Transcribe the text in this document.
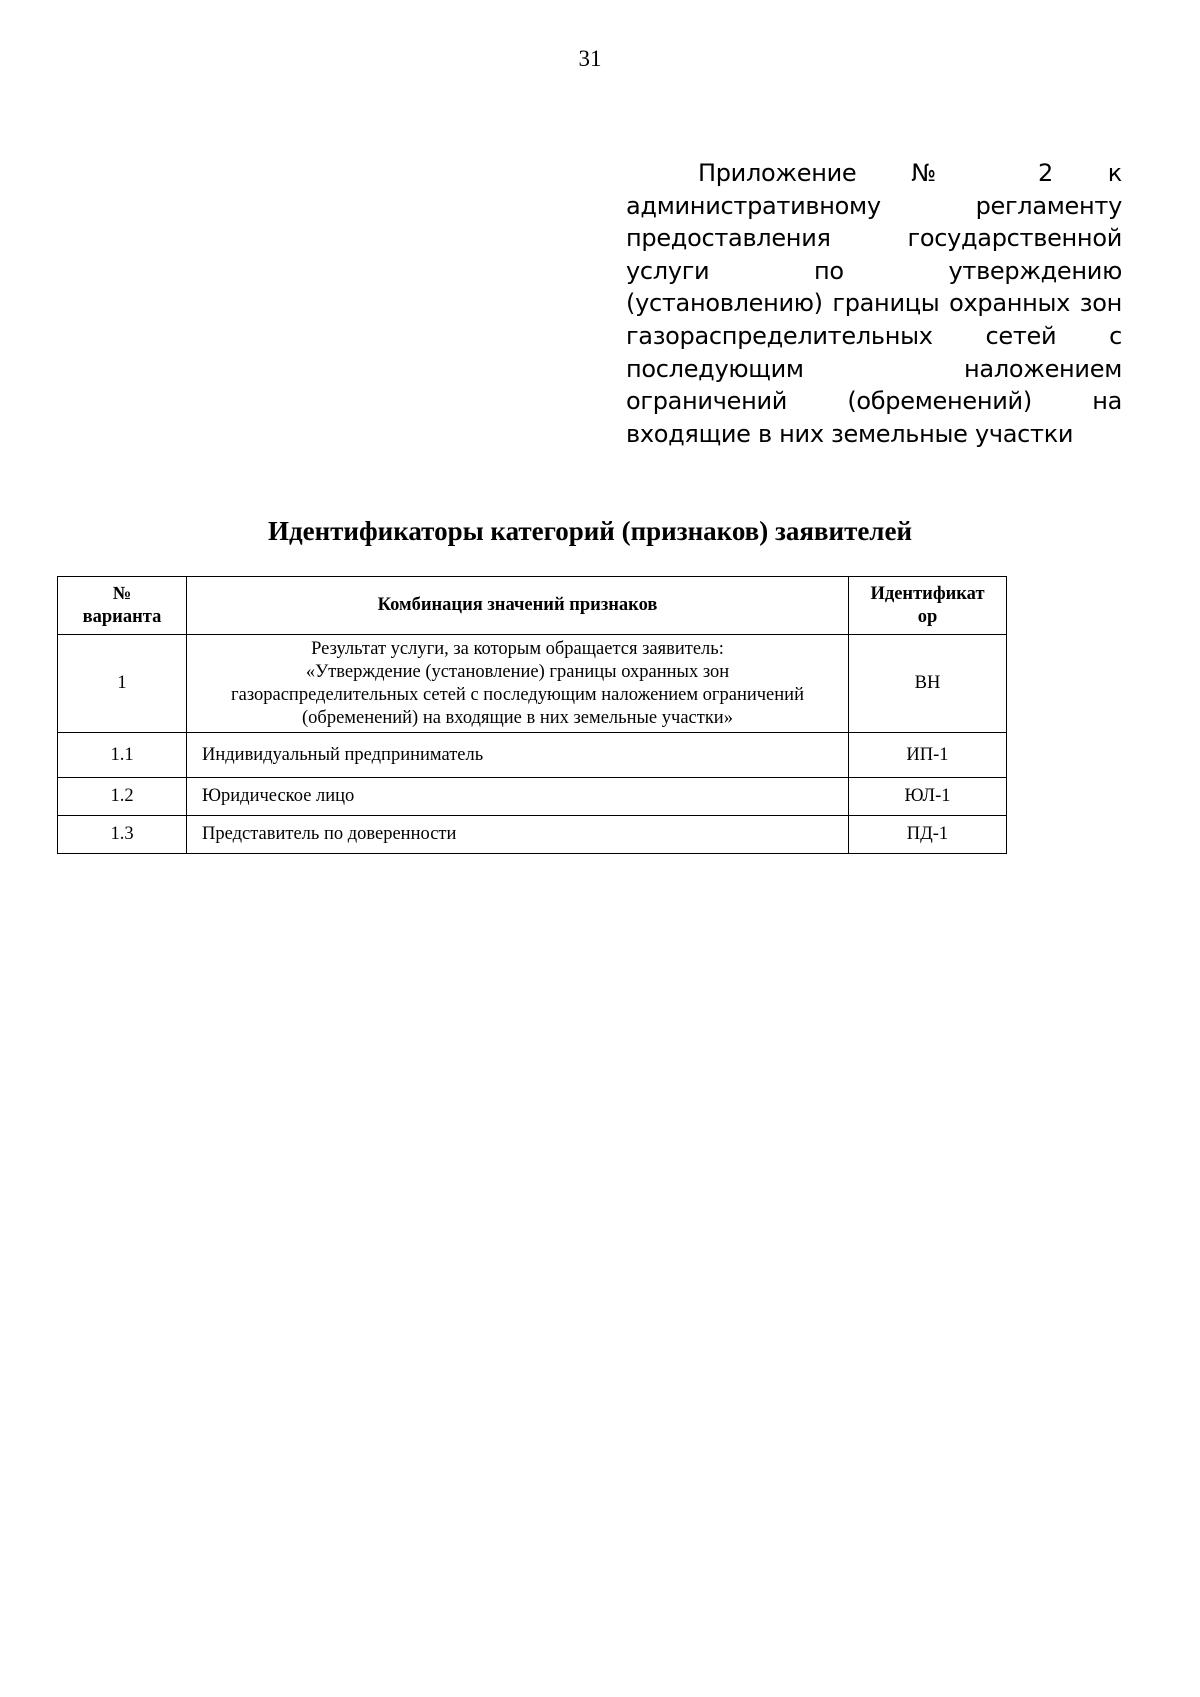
31
Приложение № 2 к административному регламенту предоставления государственной услуги по утверждению (установлению) границы охранных зон газораспределительных сетей с последующим наложением ограничений (обременений) на входящие в них земельные участки
Идентификаторы категорий (признаков) заявителей
№
варианта	Комбинация значений признаков	Идентификат
ор

1	Результат услуги, за которым обращается заявитель:
«Утверждение (установление) границы охранных зон
газораспределительных сетей с последующим наложением ограничений
(обременений) на входящие в них земельные участки»	ВН
1.1	Индивидуальный предприниматель	ИП-1
1.2	Юридическое лицо	ЮЛ-1
1.3	Представитель по доверенности	ПД-1
